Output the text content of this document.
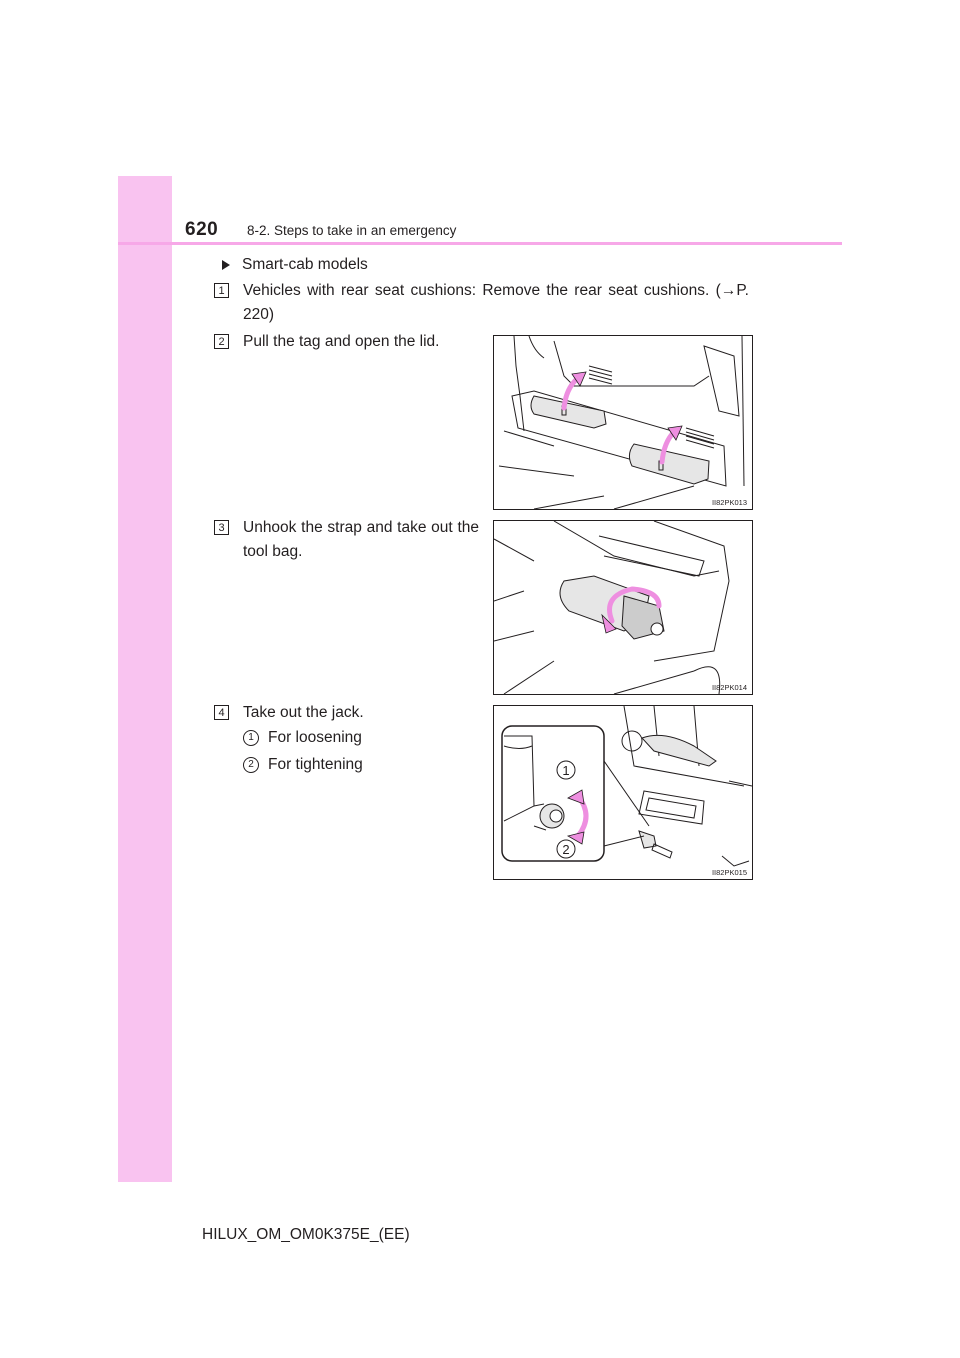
620 8-2. Steps to take in an emergency
Smart-cab models
1 Vehicles with rear seat cushions: Remove the rear seat cushions. (→P. 220)
2 Pull the tag and open the lid.
3 Unhook the strap and take out the tool bag.
4 Take out the jack.
1 For loosening
2 For tightening
II82PK013
II82PK014
1
2
II82PK015
HILUX_OM_OM0K375E_(EE)
